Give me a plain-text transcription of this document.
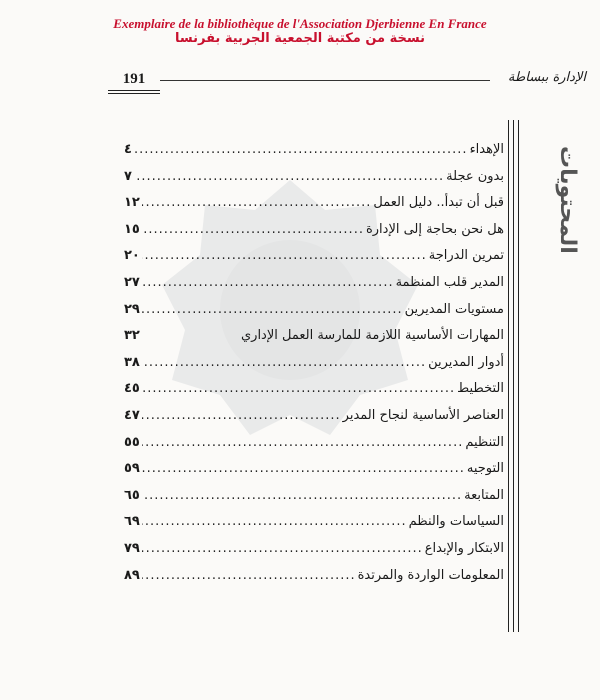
Exemplaire de la bibliothèque de l'Association Djerbienne En France
نسخة من مكتبة الجمعية الجربية بفرنسا
191	الإدارة ببساطة
المحتويات
الإهداء
.....
٤
بدون عجلة
.....
٧
قبل أن تبدأ.. دليل العمل
.....
١٢
هل نحن بحاجة إلى الإدارة
.....
١٥
تمرين الدراجة
.....
٢٠
المدير قلب المنظمة
.....
٢٧
مستويات المديرين
.....
٢٩
المهارات الأساسية اللازمة للمارسة العمل الإداري
٣٢
أدوار المديرين
.....
٣٨
التخطيط
.....
٤٥
العناصر الأساسية لنجاح المدير
.....
٤٧
التنظيم
.....
٥٥
التوجيه
.....
٥٩
المتابعة
.....
٦٥
السياسات والنظم
.....
٦٩
الابتكار والإبداع
.....
٧٩
المعلومات الواردة والمرتدة
.....
٨٩
